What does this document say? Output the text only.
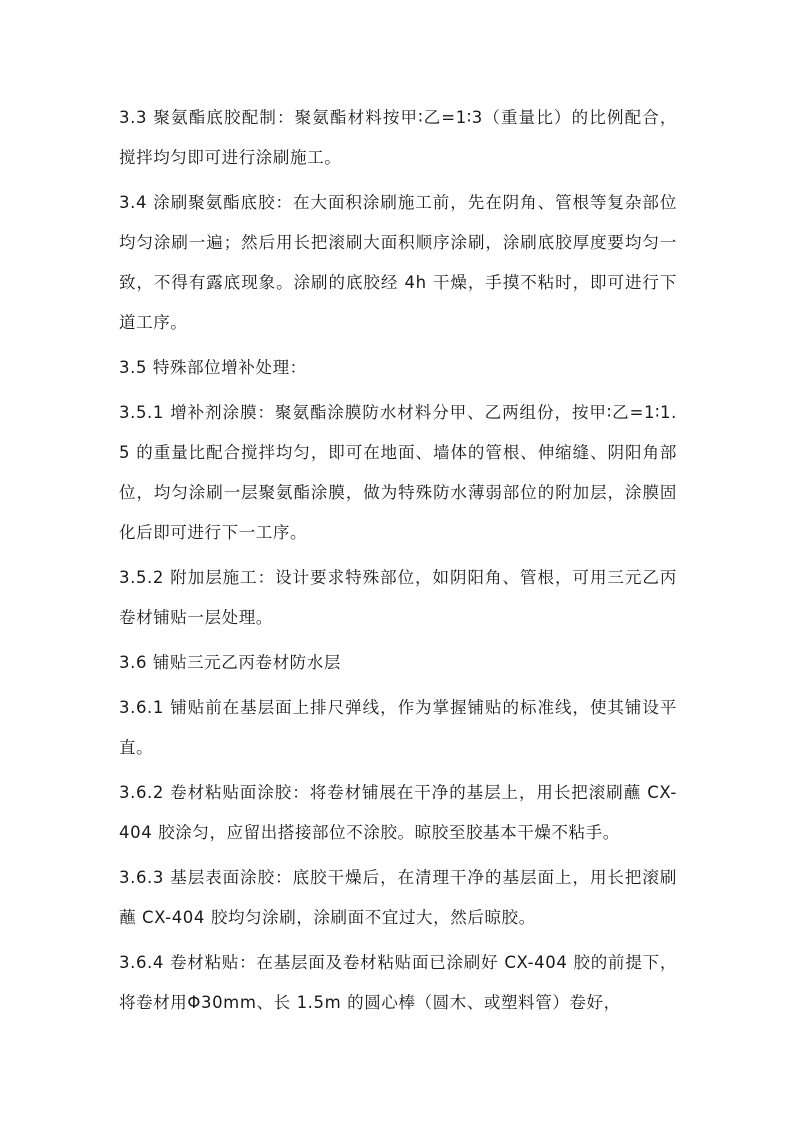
3.3 聚氨酯底胶配制：聚氨酯材料按甲∶乙=1∶3（重量比）的比例配合，搅拌均匀即可进行涂刷施工。

3.4 涂刷聚氨酯底胶：在大面积涂刷施工前，先在阴角、管根等复杂部位均匀涂刷一遍；然后用长把滚刷大面积顺序涂刷，涂刷底胶厚度要均匀一致，不得有露底现象。涂刷的底胶经 4h 干燥，手摸不粘时，即可进行下道工序。

3.5 特殊部位增补处理：

3.5.1 增补剂涂膜：聚氨酯涂膜防水材料分甲、乙两组份，按甲∶乙=1∶1.5 的重量比配合搅拌均匀，即可在地面、墙体的管根、伸缩缝、阴阳角部位，均匀涂刷一层聚氨酯涂膜，做为特殊防水薄弱部位的附加层，涂膜固化后即可进行下一工序。

3.5.2 附加层施工：设计要求特殊部位，如阴阳角、管根，可用三元乙丙卷材铺贴一层处理。

3.6 铺贴三元乙丙卷材防水层

3.6.1 铺贴前在基层面上排尺弹线，作为掌握铺贴的标准线，使其铺设平直。

3.6.2 卷材粘贴面涂胶：将卷材铺展在干净的基层上，用长把滚刷蘸 CX-404 胶涂匀，应留出搭接部位不涂胶。晾胶至胶基本干燥不粘手。

3.6.3 基层表面涂胶：底胶干燥后，在清理干净的基层面上，用长把滚刷蘸 CX-404 胶均匀涂刷，涂刷面不宜过大，然后晾胶。

3.6.4 卷材粘贴：在基层面及卷材粘贴面已涂刷好 CX-404 胶的前提下，将卷材用Φ30mm、长 1.5m 的圆心棒（圆木、或塑料管）卷好，
